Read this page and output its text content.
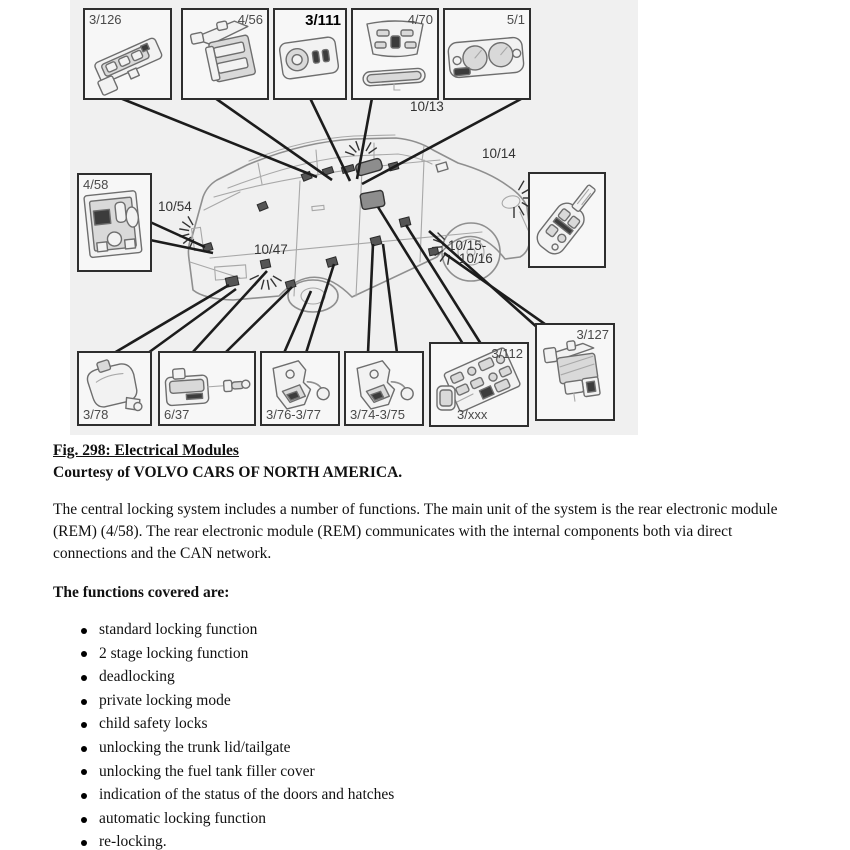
3/126	4/56	3/111	4/70	5/1
4/58
3/78	6/37	3/76-3/77 3/74-3/75
3/112
3/xxx
3/127
10/13
10/14
10/54
10/47	10/15-
10/16
Fig. 298: Electrical Modules
Courtesy of VOLVO CARS OF NORTH AMERICA.
The central locking system includes a number of functions. The main unit of the system is the rear electronic module (REM) (4/58). The rear electronic module (REM) communicates with the internal components both via direct connections and the CAN network.
The functions covered are:
standard locking function
2 stage locking function
deadlocking
private locking mode
child safety locks
unlocking the trunk lid/tailgate
unlocking the fuel tank filler cover
indication of the status of the doors and hatches
automatic locking function
re-locking.
